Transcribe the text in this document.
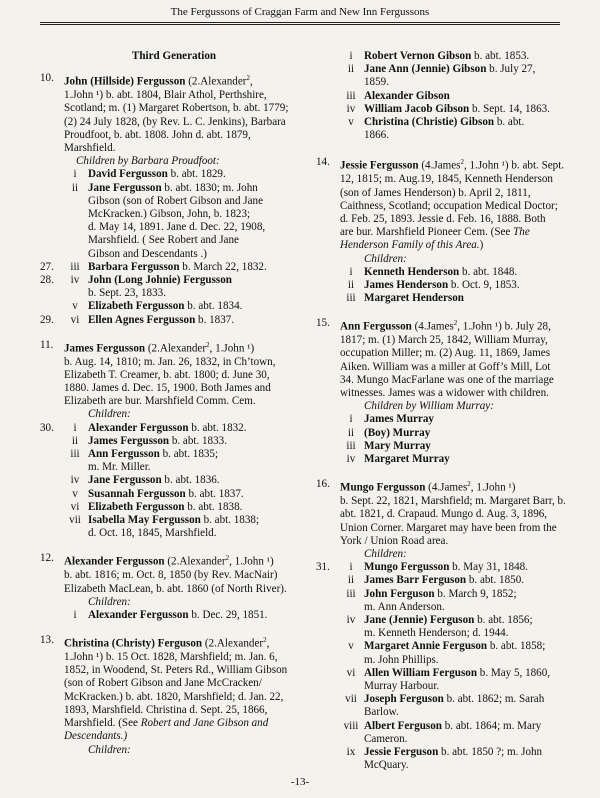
The Fergussons of Craggan Farm and New Inn Fergussons
Third Generation
10. John (Hillside) Fergusson (2.Alexander$^2$,
1.John ¹) b. abt. 1804, Blair Athol, Perthshire,
Scotland; m. (1) Margaret Robertson, b. abt. 1779;
(2) 24 July 1828, (by Rev. L. C. Jenkins), Barbara
Proudfoot, b. abt. 1808. John d. abt. 1879,
Marshfield.
Children by Barbara Proudfoot:
i	David Fergusson b. abt. 1829.
ii Jane Fergusson b. abt. 1830; m. John
Gibson (son of Robert Gibson and Jane
McKracken.) Gibson, John, b. 1823;
d. May 14, 1891. Jane d. Dec. 22, 1908,
Marshfield. ( See Robert and Jane
Gibson and Descendants .)
27.	iii Barbara Fergusson b. March 22, 1832.
28.	iv John (Long Johnie) Fergusson
b. Sept. 23, 1833.
v Elizabeth Fergusson b. abt. 1834.
29.	vi Ellen Agnes Fergusson b. 1837.
11. James Fergusson (2.Alexander$^2$, 1.John ¹)
b. Aug. 14, 1810; m. Jan. 26, 1832, in Ch’town,
Elizabeth T. Creamer, b. abt. 1800; d. June 30,
1880. James d. Dec. 15, 1900. Both James and
Elizabeth are bur. Marshfield Comm. Cem.
Children:
30.	i	Alexander Fergusson b. abt. 1832.
ii James Fergusson b. abt. 1833.
iii Ann Fergusson b. abt. 1835;
m. Mr. Miller.
iv Jane Fergusson b. abt. 1836.
v Susannah Fergusson b. abt. 1837.
vi Elizabeth Fergusson b. abt. 1838.
vii Isabella May Fergusson b. abt. 1838;
d. Oct. 18, 1845, Marshfield.
12. Alexander Fergusson (2.Alexander$^2$, 1.John ¹)
b. abt. 1816; m. Oct. 8, 1850 (by Rev. MacNair)
Elizabeth MacLean, b. abt. 1860 (of North River).
Children:
i	Alexander Fergusson b. Dec. 29, 1851.
13. Christina (Christy) Ferguson (2.Alexander$^2$,
1.John ¹) b. 15 Oct. 1828, Marshfield; m. Jan. 6,
1852, in Woodend, St. Peters Rd., William Gibson
(son of Robert Gibson and Jane McCracken/
McKracken.) b. abt. 1820, Marshfield; d. Jan. 22,
1893, Marshfield. Christina d. Sept. 25, 1866,
Marshfield. (See Robert and Jane Gibson and
Descendants.)
Children:
i	Robert Vernon Gibson b. abt. 1853.
ii Jane Ann (Jennie) Gibson b. July 27,
1859.
iii Alexander Gibson
iv William Jacob Gibson b. Sept. 14, 1863.
v Christina (Christie) Gibson b. abt.
1866.
14. Jessie Fergusson (4.James$^2$, 1.John ¹) b. abt. Sept.
12, 1815; m. Aug.19, 1845, Kenneth Henderson
(son of James Henderson) b. April 2, 1811,
Caithness, Scotland; occupation Medical Doctor;
d. Feb. 25, 1893. Jessie d. Feb. 16, 1888. Both
are bur. Marshfield Pioneer Cem. (See The
Henderson Family of this Area.)
Children:
i	Kenneth Henderson b. abt. 1848.
ii James Henderson b. Oct. 9, 1853.
iii Margaret Henderson
15. Ann Fergusson (4.James$^2$, 1.John ¹) b. July 28,
1817; m. (1) March 25, 1842, William Murray,
occupation Miller; m. (2) Aug. 11, 1869, James
Aiken. William was a miller at Goff’s Mill, Lot
34. Mungo MacFarlane was one of the marriage
witnesses. James was a widower with children.
Children by William Murray:
i	James Murray
ii (Boy) Murray
iii Mary Murray
iv Margaret Murray
16. Mungo Fergusson (4.James$^2$, 1.John ¹)
b. Sept. 22, 1821, Marshfield; m. Margaret Barr, b.
abt. 1821, d. Crapaud. Mungo d. Aug. 3, 1896,
Union Corner. Margaret may have been from the
York / Union Road area.
Children:
31.	i	Mungo Fergusson b. May 31, 1848.
ii James Barr Ferguson b. abt. 1850.
iii John Ferguson b. March 9, 1852;
m. Ann Anderson.
iv Jane (Jennie) Ferguson b. abt. 1856;
m. Kenneth Henderson; d. 1944.
v Margaret Annie Ferguson b. abt. 1858;
m. John Phillips.
vi Allen William Ferguson b. May 5, 1860,
Murray Harbour.
vii Joseph Ferguson b. abt. 1862; m. Sarah
Barlow.
viii Albert Ferguson b. abt. 1864; m. Mary
Cameron.
ix Jessie Ferguson b. abt. 1850 ?; m. John
McQuary.
-13-
